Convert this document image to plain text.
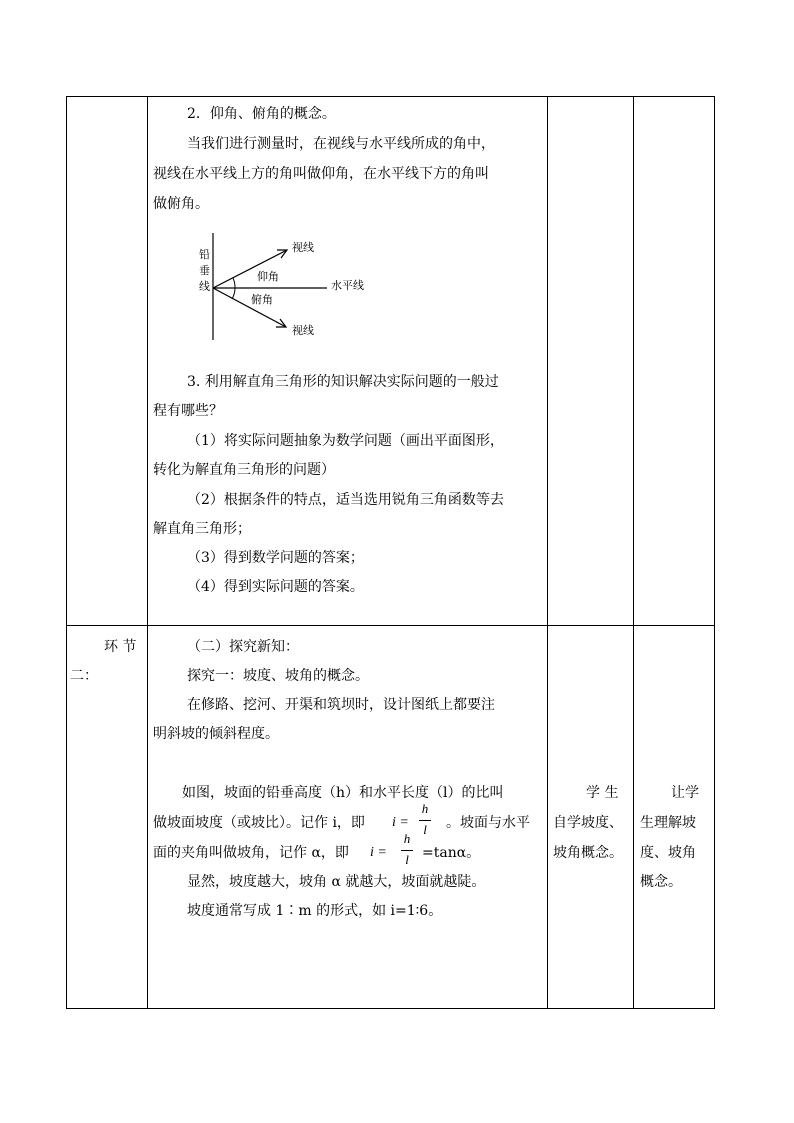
2．仰角、俯角的概念。
当我们进行测量时，在视线与水平线所成的角中，
视线在水平线上方的角叫做仰角，在水平线下方的角叫
做俯角。
铅
垂
线
视线
仰角
水平线
俯角
视线
3. 利用解直角三角形的知识解决实际问题的一般过
程有哪些？
（1）将实际问题抽象为数学问题（画出平面图形，
转化为解直角三角形的问题）
（2）根据条件的特点，适当选用锐角三角函数等去
解直角三角形；
（3）得到数学问题的答案；
（4）得到实际问题的答案。
环 节
二：
（二）探究新知：
探究一：坡度、坡角的概念。
在修路、挖河、开渠和筑坝时，设计图纸上都要注
明斜坡的倾斜程度。
如图，坡面的铅垂高度（h）和水平长度（l）的比叫
做坡面坡度（或坡比）。记作 i，即 i =
h
l 。坡面与水平
面的夹角叫做坡角，记作 α，即 i =
h
l =tanα。
显然，坡度越大，坡角 α 就越大，坡面就越陡。
坡度通常写成 1∶m 的形式，如 i=1∶6。
学 生
自学坡度、
坡角概念。
让学
生理解坡
度、坡角
概念。
